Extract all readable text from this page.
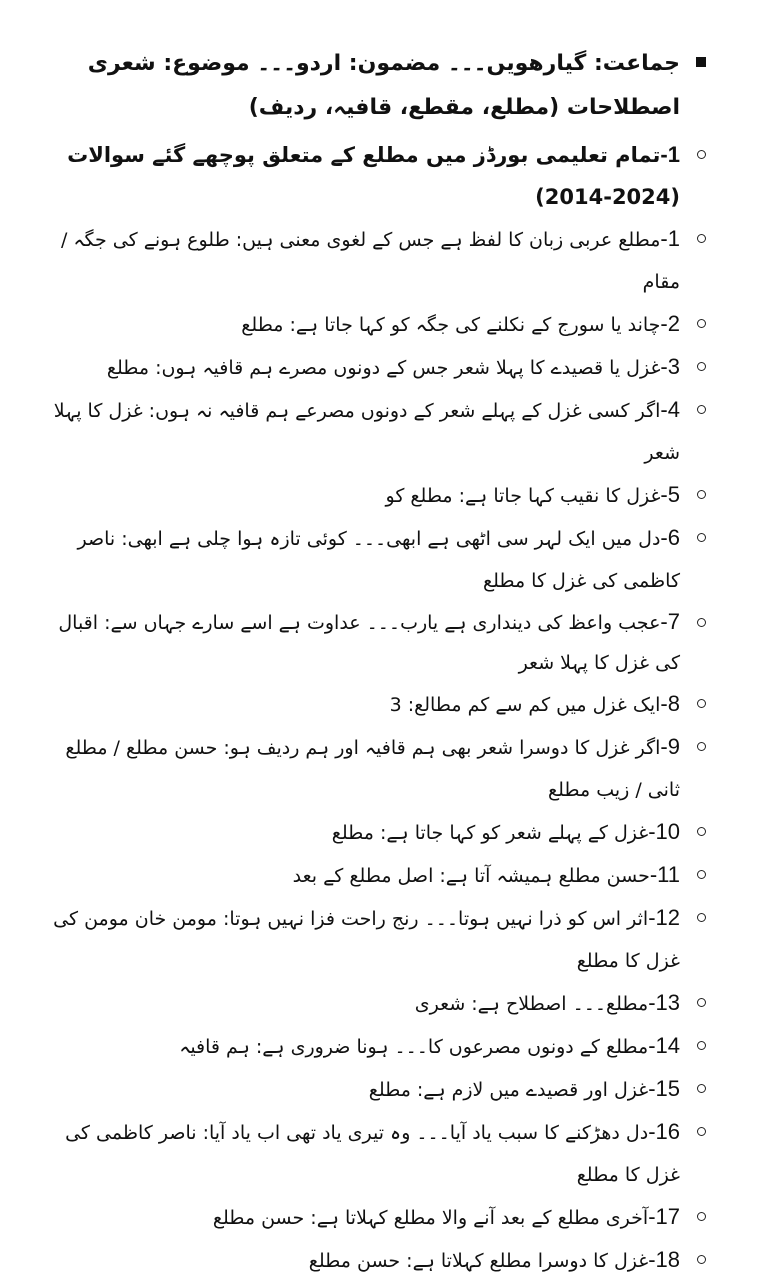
جماعت: گیارھویں۔۔۔ مضمون: اردو۔۔۔ موضوع: شعری اصطلاحات (مطلع، مقطع، قافیہ، ردیف)
1-تمام تعلیمی بورڈز میں مطلع کے متعلق پوچھے گئے سوالات (2024-2014)
1-مطلع عربی زبان کا لفظ ہے جس کے لغوی معنی ہیں: طلوع ہونے کی جگہ / مقام
2-چاند یا سورج کے نکلنے کی جگہ کو کہا جاتا ہے: مطلع
3-غزل یا قصیدے کا پہلا شعر جس کے دونوں مصرے ہم قافیہ ہوں: مطلع
4-اگر کسی غزل کے پہلے شعر کے دونوں مصرعے ہم قافیہ نہ ہوں: غزل کا پہلا شعر
5-غزل کا نقیب کہا جاتا ہے: مطلع کو
6-دل میں ایک لہر سی اٹھی ہے ابھی۔۔۔ کوئی تازہ ہوا چلی ہے ابھی: ناصر کاظمی کی غزل کا مطلع
7-عجب واعظ کی دینداری ہے یارب۔۔۔ عداوت ہے اسے سارے جہاں سے: اقبال کی غزل کا پہلا شعر
8-ایک غزل میں کم سے کم مطالع: 3
9-اگر غزل کا دوسرا شعر بھی ہم قافیہ اور ہم ردیف ہو: حسن مطلع / مطلع ثانی / زیب مطلع
10-غزل کے پہلے شعر کو کہا جاتا ہے: مطلع
11-حسن مطلع ہمیشہ آتا ہے: اصل مطلع کے بعد
12-اثر اس کو ذرا نہیں ہوتا۔۔۔ رنج راحت فزا نہیں ہوتا: مومن خان مومن کی غزل کا مطلع
13-مطلع۔۔۔ اصطلاح ہے: شعری
14-مطلع کے دونوں مصرعوں کا۔۔۔ ہونا ضروری ہے: ہم قافیہ
15-غزل اور قصیدے میں لازم ہے: مطلع
16-دل دھڑکنے کا سبب یاد آیا۔۔۔ وہ تیری یاد تھی اب یاد آیا: ناصر کاظمی کی غزل کا مطلع
17-آخری مطلع کے بعد آنے والا مطلع کہلاتا ہے: حسن مطلع
18-غزل کا دوسرا مطلع کہلاتا ہے: حسن مطلع
